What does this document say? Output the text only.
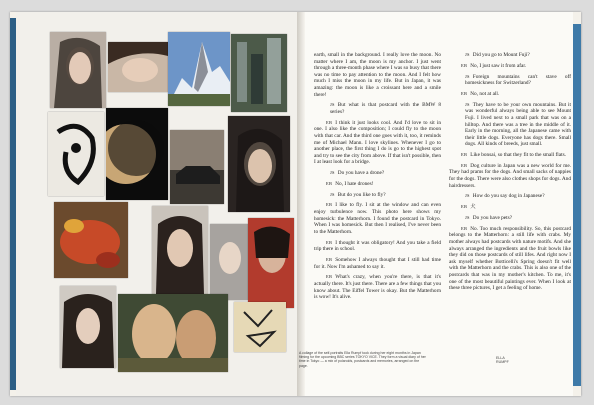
earth, small in the background. I really love the moon. No matter where I am, the moon is my anchor. I just went through a three-month phase where I was so busy that there was no time to pay attention to the moon. And I felt how much I miss the moon in my life. But in Japan, it was amazing: the moon is like a croissant here and a smile there!

JS But what is that postcard with the BMW 8 series?

EB I think it just looks cool. And I'd love to sit in one. I also like the composition; I could fly to the moon with that car. And the third one goes with it, too, it reminds me of Michael Mann. I love skylines. Whenever I go to another place, the first thing I do is go to the highest spot and try to see the city from above. If that isn't possible, then I at least look for a bridge.

JS Do you have a drone?

EB No, I hate drones!

JS But do you like to fly?

EB I like to fly. I sit at the window and can even enjoy turbulence now. This photo here shows my homesick: the Matterhorn. I found the postcard in Tokyo. When I was homesick. But then I realised, I've never been to the Matterhorn.

EB I thought it was obligatory! And you take a field trip there in school.

EB Somehow I always thought that I still had time for it. Now I'm ashamed to say it.

EB What's crazy, when you're there, is that it's actually there. It's just there. There are a few things that you know about. The Eiffel Tower is okay. But the Matterhorn is wow! It's alive.

JS Did you go to Mount Fuji?

EB No, I just saw it from afar.

JS Foreign mountains can't stave off homesickness for Switzerland?

EB No, not at all.

JS They have to be your own mountains. But it was wonderful always being able to see Mount Fuji. I lived next to a small park that was on a hilltop. And there was a tree in the middle of it. Early in the morning, all the Japanese came with their little dogs. Everyone has dogs there. Small dogs. All kinds of breeds, just small.

EB Like bonsai, so that they fit to the small flats.

EB Dog culture in Japan was a new world for me. They had prams for the dogs. And small sacks of nappies for the dogs. There were also clothes shops for dogs. And hairdressers.

JS How do you say dog in Japanese?

EB 犬

JS Do you have pets?

EB No. Too much responsibility. So, this postcard belongs to the Matterhorn: a still life with crabs. My mother always had postcards with nature motifs. And she always arranged the ingredients and the fruit bowls like they did on those postcards of still lifes. And right now I ask myself whether Botticelli's Spring doesn't fit well with the Matterhorn and the crabs. This is also one of the postcards that was in my mother's kitchen. To me, it's one of the most beautiful paintings ever. When I look at these three pictures, I get a feeling of home.

A collage of the self-portraits Ella Rumpf took during her eight months in Japan filming for the upcoming BBC series TOKYO VICE. They form a visual diary of her time in Tokyo — a mix of polaroids, postcards and memories, arranged on the page.
ELLA
RUMPF
